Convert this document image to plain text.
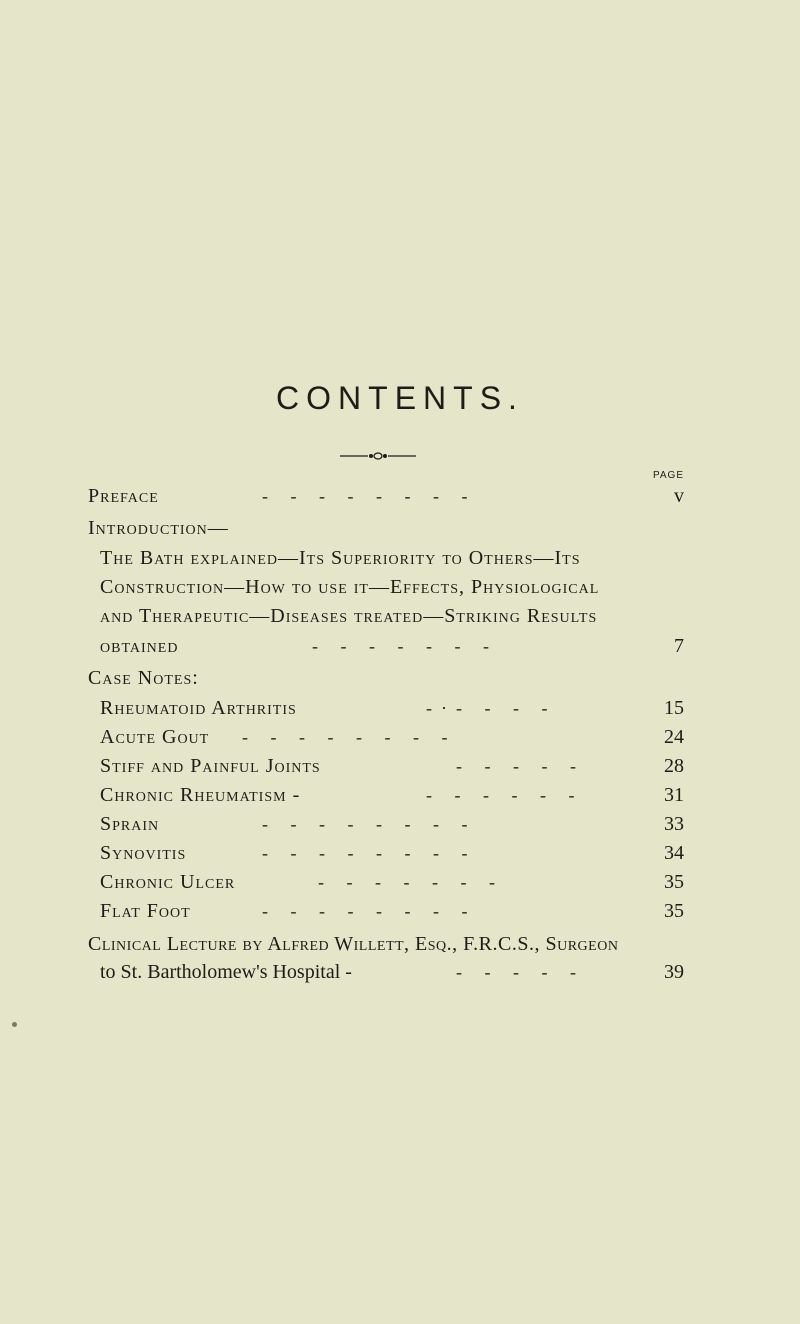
CONTENTS.
PAGE
Preface	-     -     -     -     -     -     -     -	v
Introduction—
The Bath explained—Its Superiority to Others—Its
Construction—How to use it—Effects, Physiological
and Therapeutic—Diseases treated—Striking Results
obtained	-     -     -     -     -     -     -	7
Case Notes:
Rheumatoid Arthritis	-  ·  -     -     -     -	15
Acute Gout -     -     -     -     -     -     -     -	24
Stiff and Painful Joints	-     -     -     -     -	28
Chronic Rheumatism -	-     -     -     -     -     -	31
Sprain	-     -     -     -     -     -     -     -	33
Synovitis	-     -     -     -     -     -     -     -	34
Chronic Ulcer	-     -     -     -     -     -     -	35
Flat Foot	-     -     -     -     -     -     -     -	35
Clinical Lecture by Alfred Willett, Esq., F.R.C.S., Surgeon
to St. Bartholomew's Hospital -	-     -     -     -     -	39
